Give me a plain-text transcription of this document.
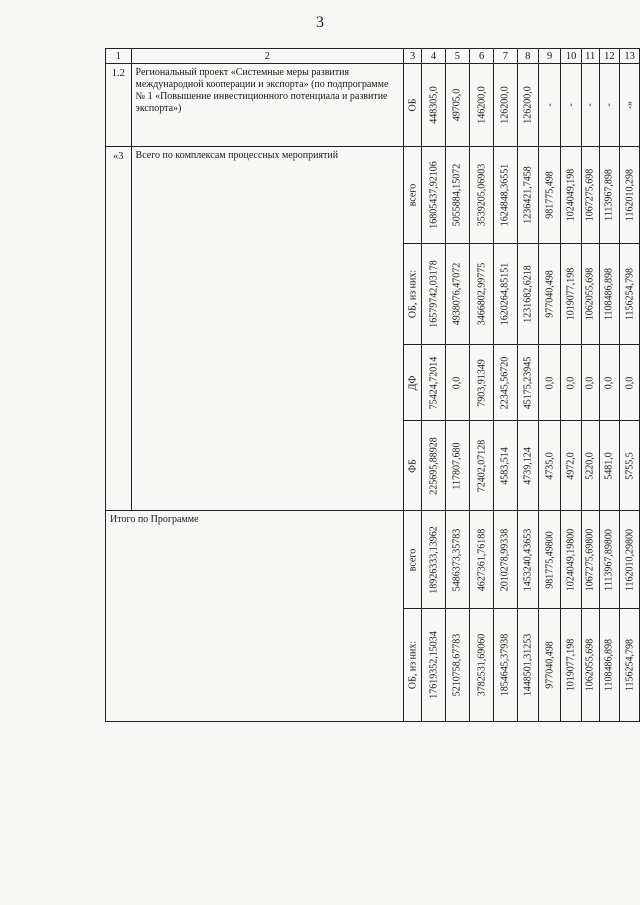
3
1	2	3	4	5	6	7	8	9	10	11	12	13
1.2	Региональный проект «Системные меры развития международной кооперации и экспорта» (по подпрограмме № 1 «Повышение инвестиционного потенциала и развитие экспорта»)	ОБ	448305,0	49705,0	146200,0	126200,0	126200,0	-	-	-	-	-»

«3	Всего по комплексам процессных мероприятий	всего	16805437,92106	5055884,15072	3539205,06903	1624848,36551	1236421,7458	981775,498	1024049,198	1067275,698	1113967,898	1162010,298

		ОБ, из них:	16579742,03178	4938076,47072	3466802,99775	1620264,85151	1231682,6218	977040,498	1019077,198	1062055,698	1108486,898	1156254,798

		ДФ	75424,72014	0,0	7903,91349	22345,56720	45175,23945	0,0	0,0	0,0	0,0	0,0

		ФБ	225695,88928	117807,680	72402,07128	4583,514	4739,124	4735,0	4972,0	5220,0	5481,0	5755,5

Итого по Программе		всего	18926333,13962	5486373,35783	4627361,76188	2010278,99338	1453240,43653	981775,49800	1024049,19800	1067275,69800	1113967,89800	1162010,29800

		ОБ, из них:	17619352,15034	5210758,67783	3782531,69060	1854645,37938	1448501,31253	977040,498	1019077,198	1062055,698	1108486,898	1156254,798
